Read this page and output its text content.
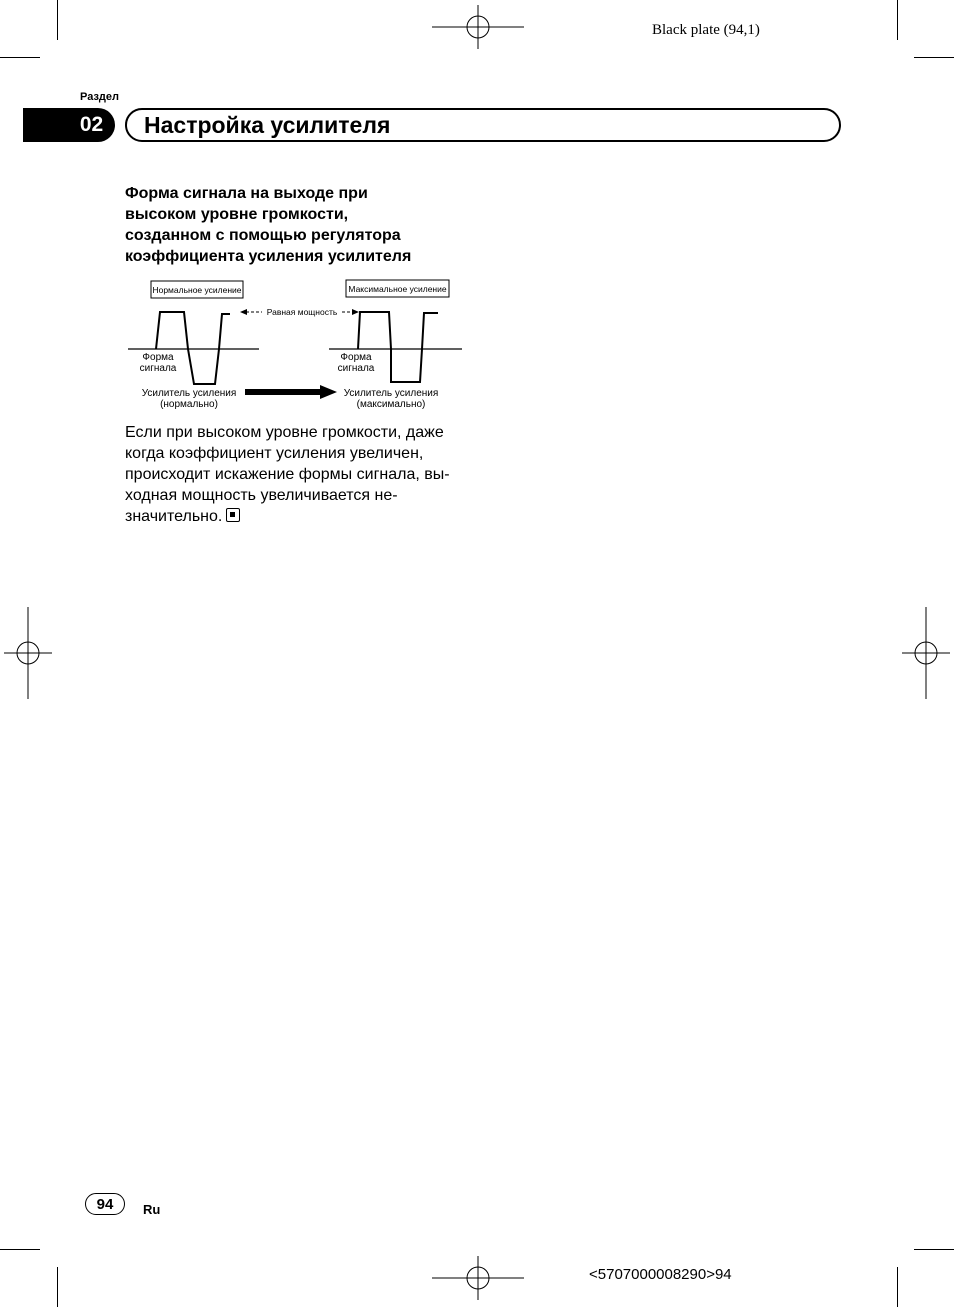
Black plate (94,1)
Раздел
02 Настройка усилителя
Форма сигнала на выходе при
высоком уровне громкости,
созданном с помощью регулятора
коэффициента усиления усилителя
Нормальное усиление	Максимальное усиление
Равная мощность
Форма
сигнала
Форма
сигнала
Усилитель усиления
(нормально)
Усилитель усиления
(максимально)

Если при высоком уровне громкости, даже

когда коэффициент усиления увеличен,

происходит искажение формы сигнала, вы-

ходная мощность увеличивается не-

значительно.

94 Ru
<5707000008290>94
